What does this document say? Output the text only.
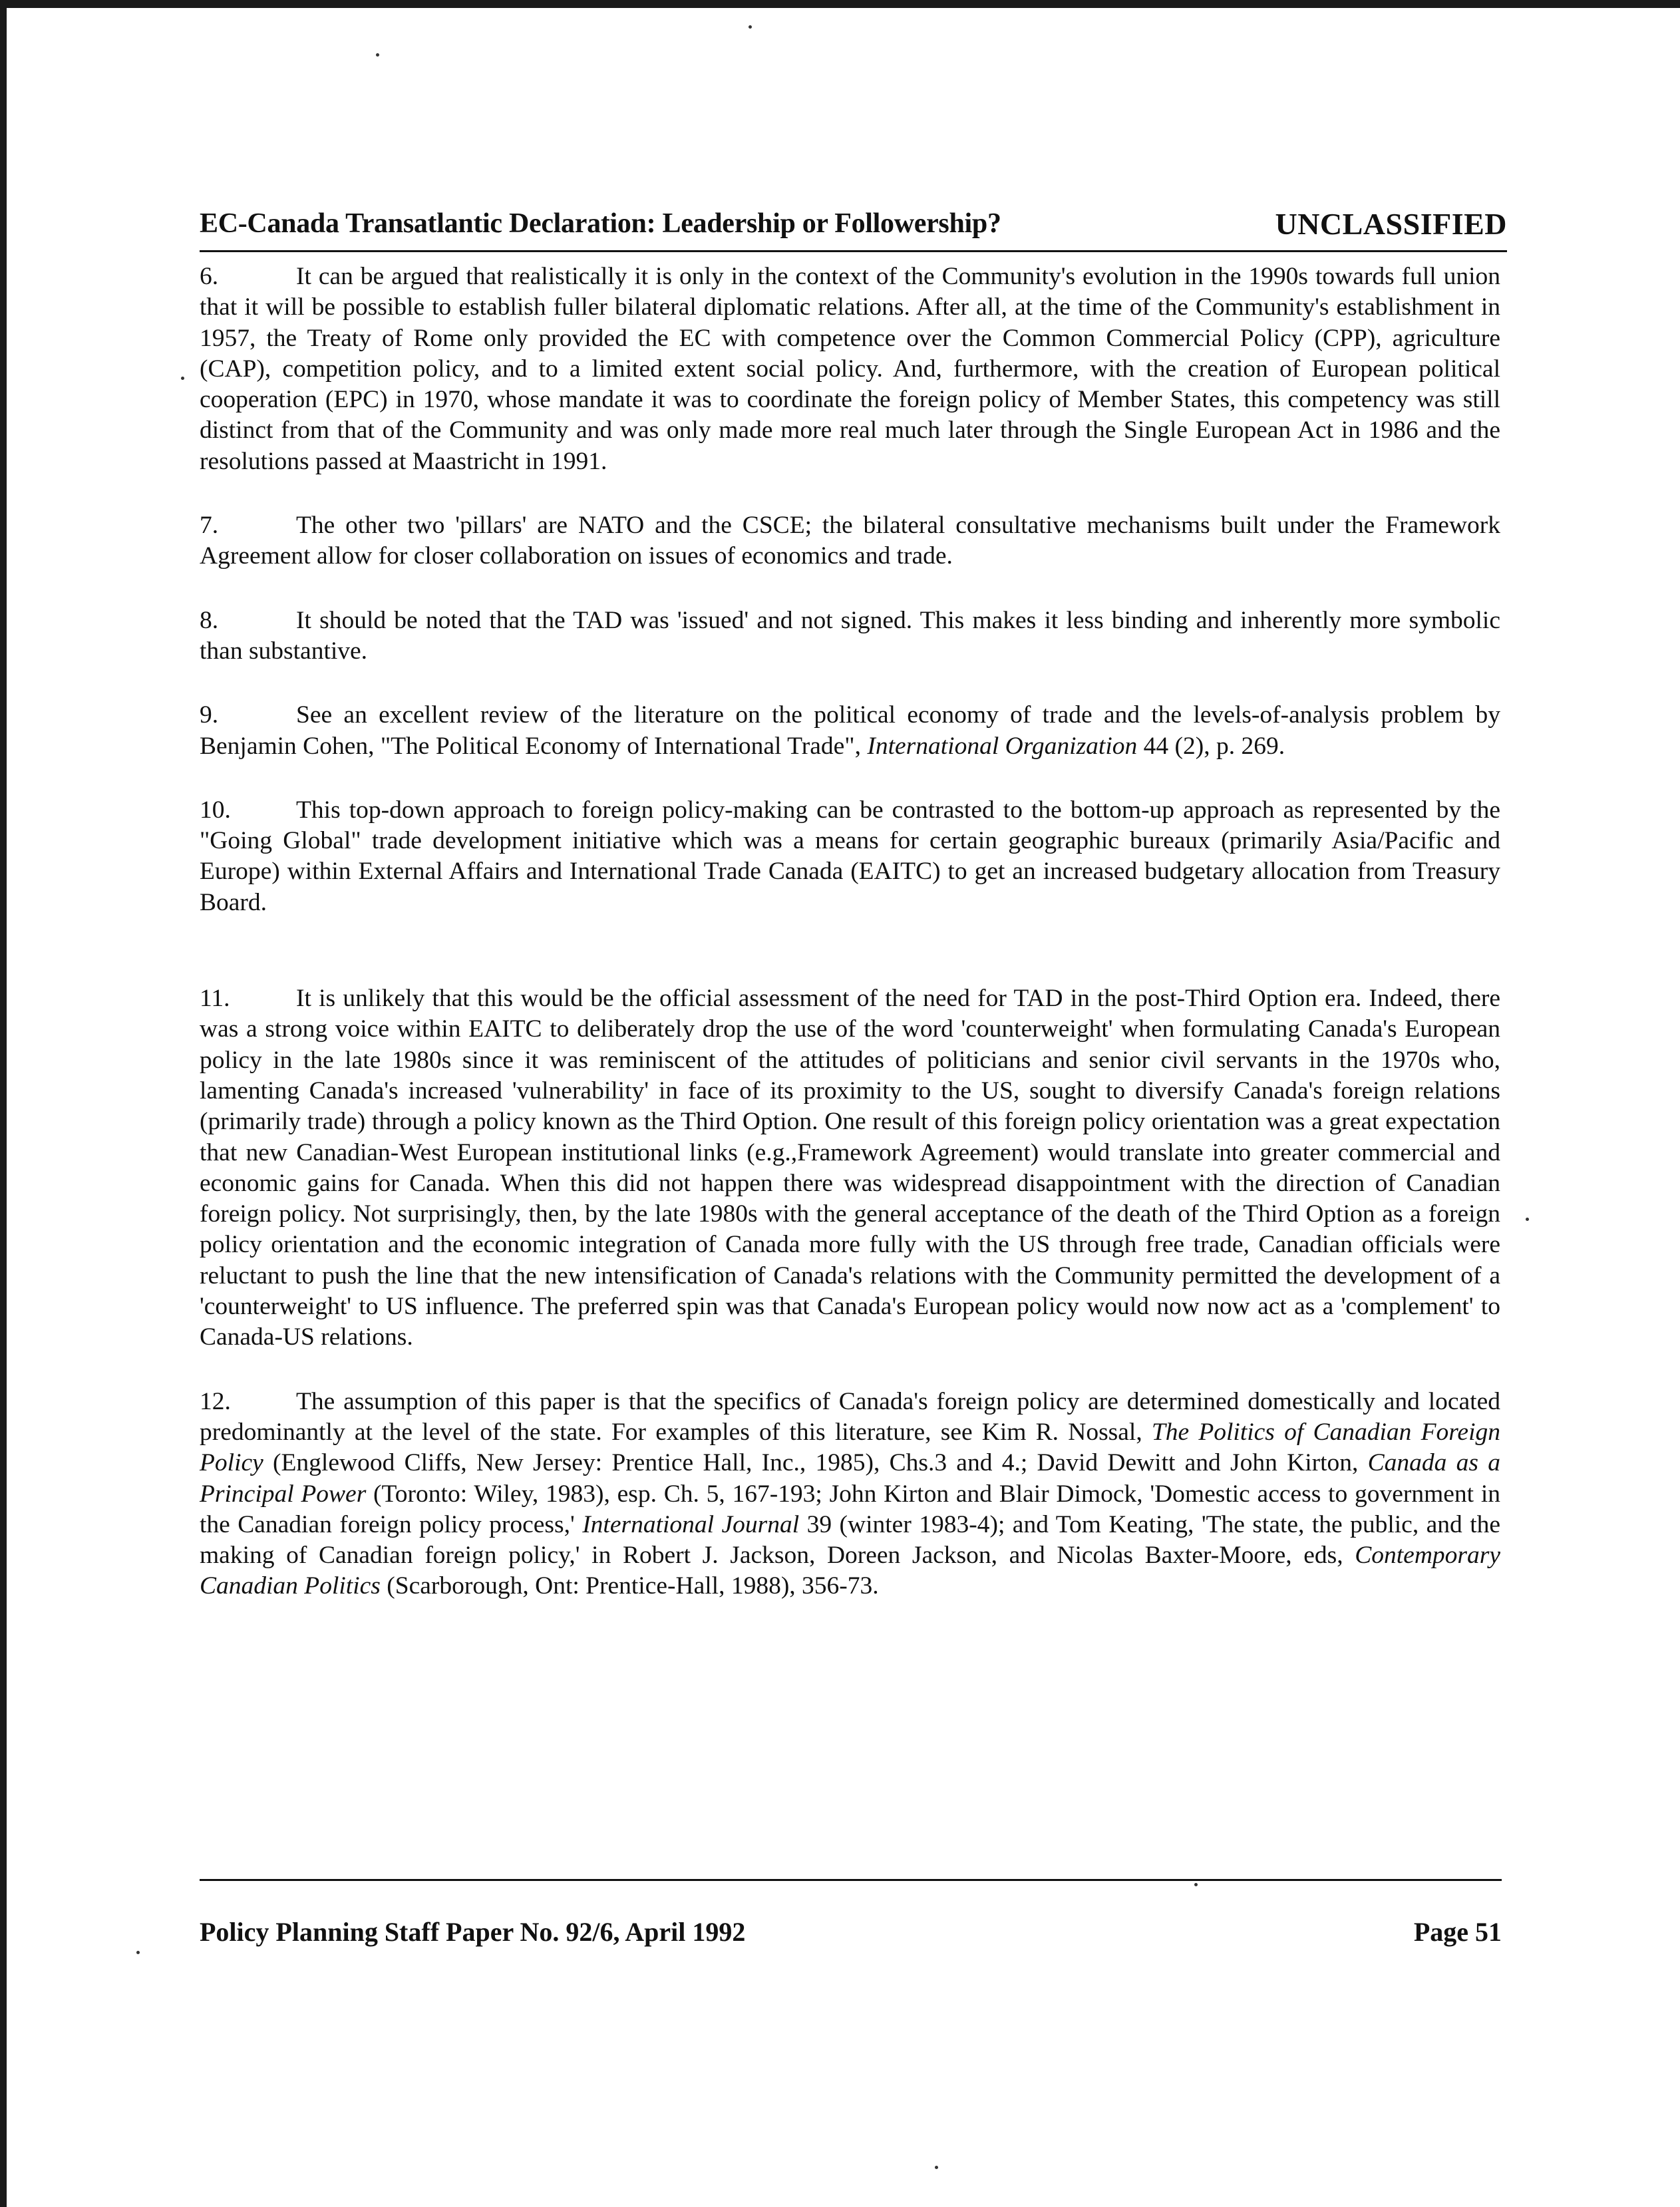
EC-Canada Transatlantic Declaration: Leadership or Followership?	UNCLASSIFIED

6.	It can be argued that realistically it is only in the context of the Community's evolution in the 1990s towards full union that it will be possible to establish fuller bilateral diplomatic relations. After all, at the time of the Community's establishment in 1957, the Treaty of Rome only provided the EC with competence over the Common Commercial Policy (CPP), agriculture (CAP), competition policy, and to a limited extent social policy. And, furthermore, with the creation of European political cooperation (EPC) in 1970, whose mandate it was to coordinate the foreign policy of Member States, this competency was still distinct from that of the Community and was only made more real much later through the Single European Act in 1986 and the resolutions passed at Maastricht in 1991.

7.	The other two 'pillars' are NATO and the CSCE; the bilateral consultative mechanisms built under the Framework Agreement allow for closer collaboration on issues of economics and trade.

8.	It should be noted that the TAD was 'issued' and not signed. This makes it less binding and inherently more symbolic than substantive.

9.	See an excellent review of the literature on the political economy of trade and the levels-of-analysis problem by Benjamin Cohen, "The Political Economy of International Trade", International Organization 44 (2), p. 269.

10.	This top-down approach to foreign policy-making can be contrasted to the bottom-up approach as represented by the "Going Global" trade development initiative which was a means for certain geographic bureaux (primarily Asia/Pacific and Europe) within External Affairs and International Trade Canada (EAITC) to get an increased budgetary allocation from Treasury Board.

11.	It is unlikely that this would be the official assessment of the need for TAD in the post-Third Option era. Indeed, there was a strong voice within EAITC to deliberately drop the use of the word 'counterweight' when formulating Canada's European policy in the late 1980s since it was reminiscent of the attitudes of politicians and senior civil servants in the 1970s who, lamenting Canada's increased 'vulnerability' in face of its proximity to the US, sought to diversify Canada's foreign relations (primarily trade) through a policy known as the Third Option. One result of this foreign policy orientation was a great expectation that new Canadian-West European institutional links (e.g.,Framework Agreement) would translate into greater commercial and economic gains for Canada. When this did not happen there was widespread disappointment with the direction of Canadian foreign policy. Not surprisingly, then, by the late 1980s with the general acceptance of the death of the Third Option as a foreign policy orientation and the economic integration of Canada more fully with the US through free trade, Canadian officials were reluctant to push the line that the new intensification of Canada's relations with the Community permitted the development of a 'counterweight' to US influence. The preferred spin was that Canada's European policy would now now act as a 'complement' to Canada-US relations.

12.	The assumption of this paper is that the specifics of Canada's foreign policy are determined domestically and located predominantly at the level of the state. For examples of this literature, see Kim R. Nossal, The Politics of Canadian Foreign Policy (Englewood Cliffs, New Jersey: Prentice Hall, Inc., 1985), Chs.3 and 4.; David Dewitt and John Kirton, Canada as a Principal Power (Toronto: Wiley, 1983), esp. Ch. 5, 167-193; John Kirton and Blair Dimock, 'Domestic access to government in the Canadian foreign policy process,' International Journal 39 (winter 1983-4); and Tom Keating, 'The state, the public, and the making of Canadian foreign policy,' in Robert J. Jackson, Doreen Jackson, and Nicolas Baxter-Moore, eds, Contemporary Canadian Politics (Scarborough, Ont: Prentice-Hall, 1988), 356-73.

Policy Planning Staff Paper No. 92/6, April 1992	Page 51
